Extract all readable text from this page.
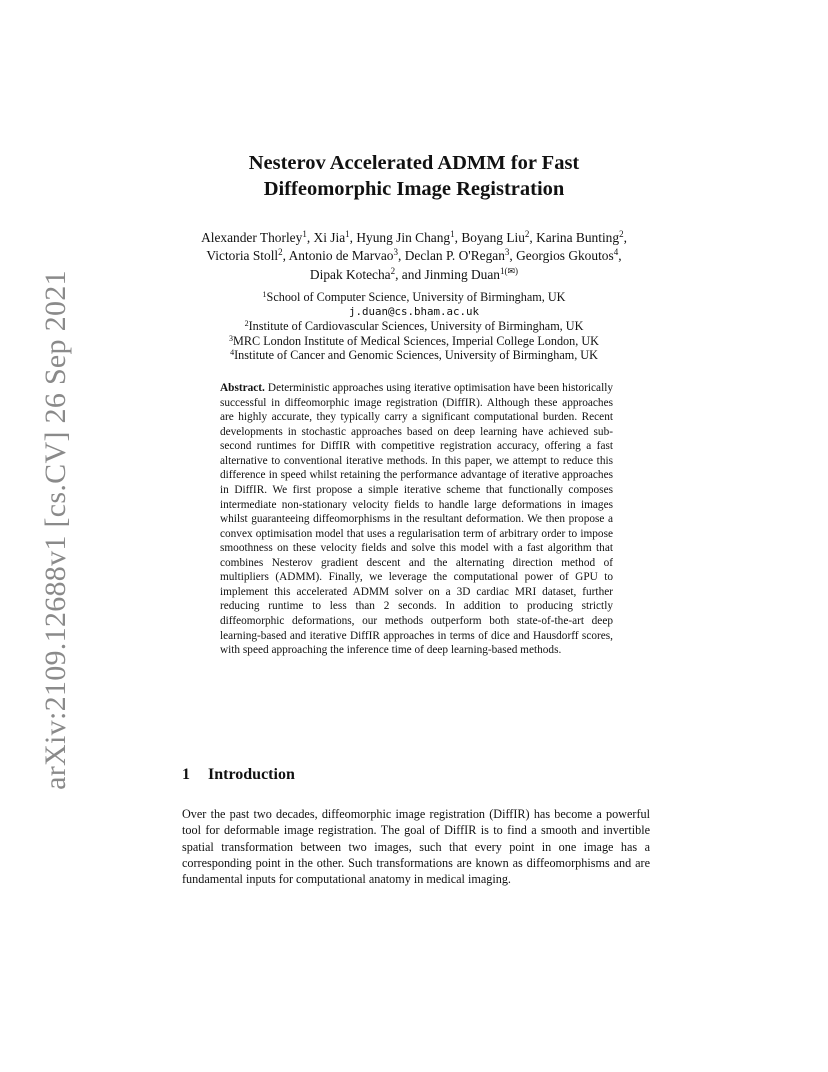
arXiv:2109.12688v1 [cs.CV] 26 Sep 2021
Nesterov Accelerated ADMM for Fast
Diffeomorphic Image Registration
Alexander Thorley$^1$, Xi Jia$^1$, Hyung Jin Chang$^1$, Boyang Liu$^2$, Karina Bunting$^2$, Victoria Stoll$^2$, Antonio de Marvao$^3$, Declan P. O'Regan$^3$, Georgios Gkoutos$^4$, Dipak Kotecha$^2$, and Jinming Duan$^{1(✉)}$
$^1$School of Computer Science, University of Birmingham, UK
j.duan@cs.bham.ac.uk
$^2$Institute of Cardiovascular Sciences, University of Birmingham, UK
$^3$MRC London Institute of Medical Sciences, Imperial College London, UK
$^4$Institute of Cancer and Genomic Sciences, University of Birmingham, UK
Abstract. Deterministic approaches using iterative optimisation have been historically successful in diffeomorphic image registration (DiffIR). Although these approaches are highly accurate, they typically carry a significant computational burden. Recent developments in stochastic approaches based on deep learning have achieved sub-second runtimes for DiffIR with competitive registration accuracy, offering a fast alternative to conventional iterative methods. In this paper, we attempt to reduce this difference in speed whilst retaining the performance advantage of iterative approaches in DiffIR. We first propose a simple iterative scheme that functionally composes intermediate non-stationary velocity fields to handle large deformations in images whilst guaranteeing diffeomorphisms in the resultant deformation. We then propose a convex optimisation model that uses a regularisation term of arbitrary order to impose smoothness on these velocity fields and solve this model with a fast algorithm that combines Nesterov gradient descent and the alternating direction method of multipliers (ADMM). Finally, we leverage the computational power of GPU to implement this accelerated ADMM solver on a 3D cardiac MRI dataset, further reducing runtime to less than 2 seconds. In addition to producing strictly diffeomorphic deformations, our methods outperform both state-of-the-art deep learning-based and iterative DiffIR approaches in terms of dice and Hausdorff scores, with speed approaching the inference time of deep learning-based methods.
1 Introduction
Over the past two decades, diffeomorphic image registration (DiffIR) has become a powerful tool for deformable image registration. The goal of DiffIR is to find a smooth and invertible spatial transformation between two images, such that every point in one image has a corresponding point in the other. Such transformations are known as diffeomorphisms and are fundamental inputs for computational anatomy in medical imaging.
